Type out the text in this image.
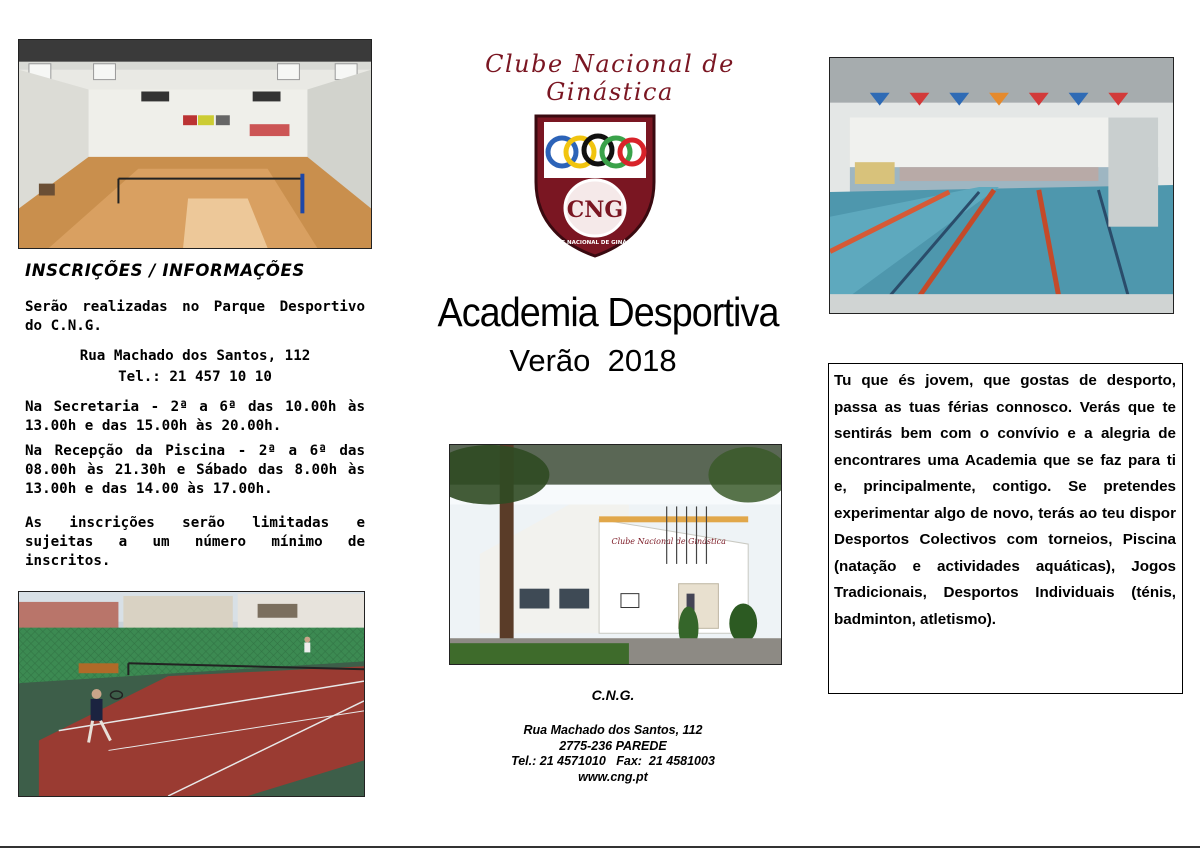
INSCRIÇÕES / INFORMAÇÕES
Serão realizadas no Parque Desportivo do C.N.G.
Rua Machado dos Santos, 112
Tel.: 21 457 10 10
Na Secretaria - 2ª a 6ª das 10.00h às 13.00h e das 15.00h às 20.00h.
Na Recepção da Piscina - 2ª a 6ª das 08.00h às 21.30h e Sábado das 8.00h às 13.00h e das 14.00 às 17.00h.
As inscrições serão limitadas e sujeitas a um número mínimo de inscritos.
Clube Nacional de Ginástica
CNG
CLUBE NACIONAL DE GINÁSTICA
Academia Desportiva
Verão  2018
Clube Nacional de Ginástica
C.N.G.
Rua Machado dos Santos, 112
2775-236 PAREDE
Tel.: 21 4571010   Fax:  21 4581003
www.cng.pt
Tu que és jovem, que gostas de desporto, passa as tuas férias connosco. Verás que te sentirás bem com o convívio e a alegria de encontrares uma Academia que se faz para ti e, principalmente, contigo. Se pretendes experimentar algo de novo, terás ao teu dispor Desportos Colectivos com torneios, Piscina (natação e actividades aquáticas), Jogos Tradicionais, Desportos Individuais (ténis, badminton, atletismo).
